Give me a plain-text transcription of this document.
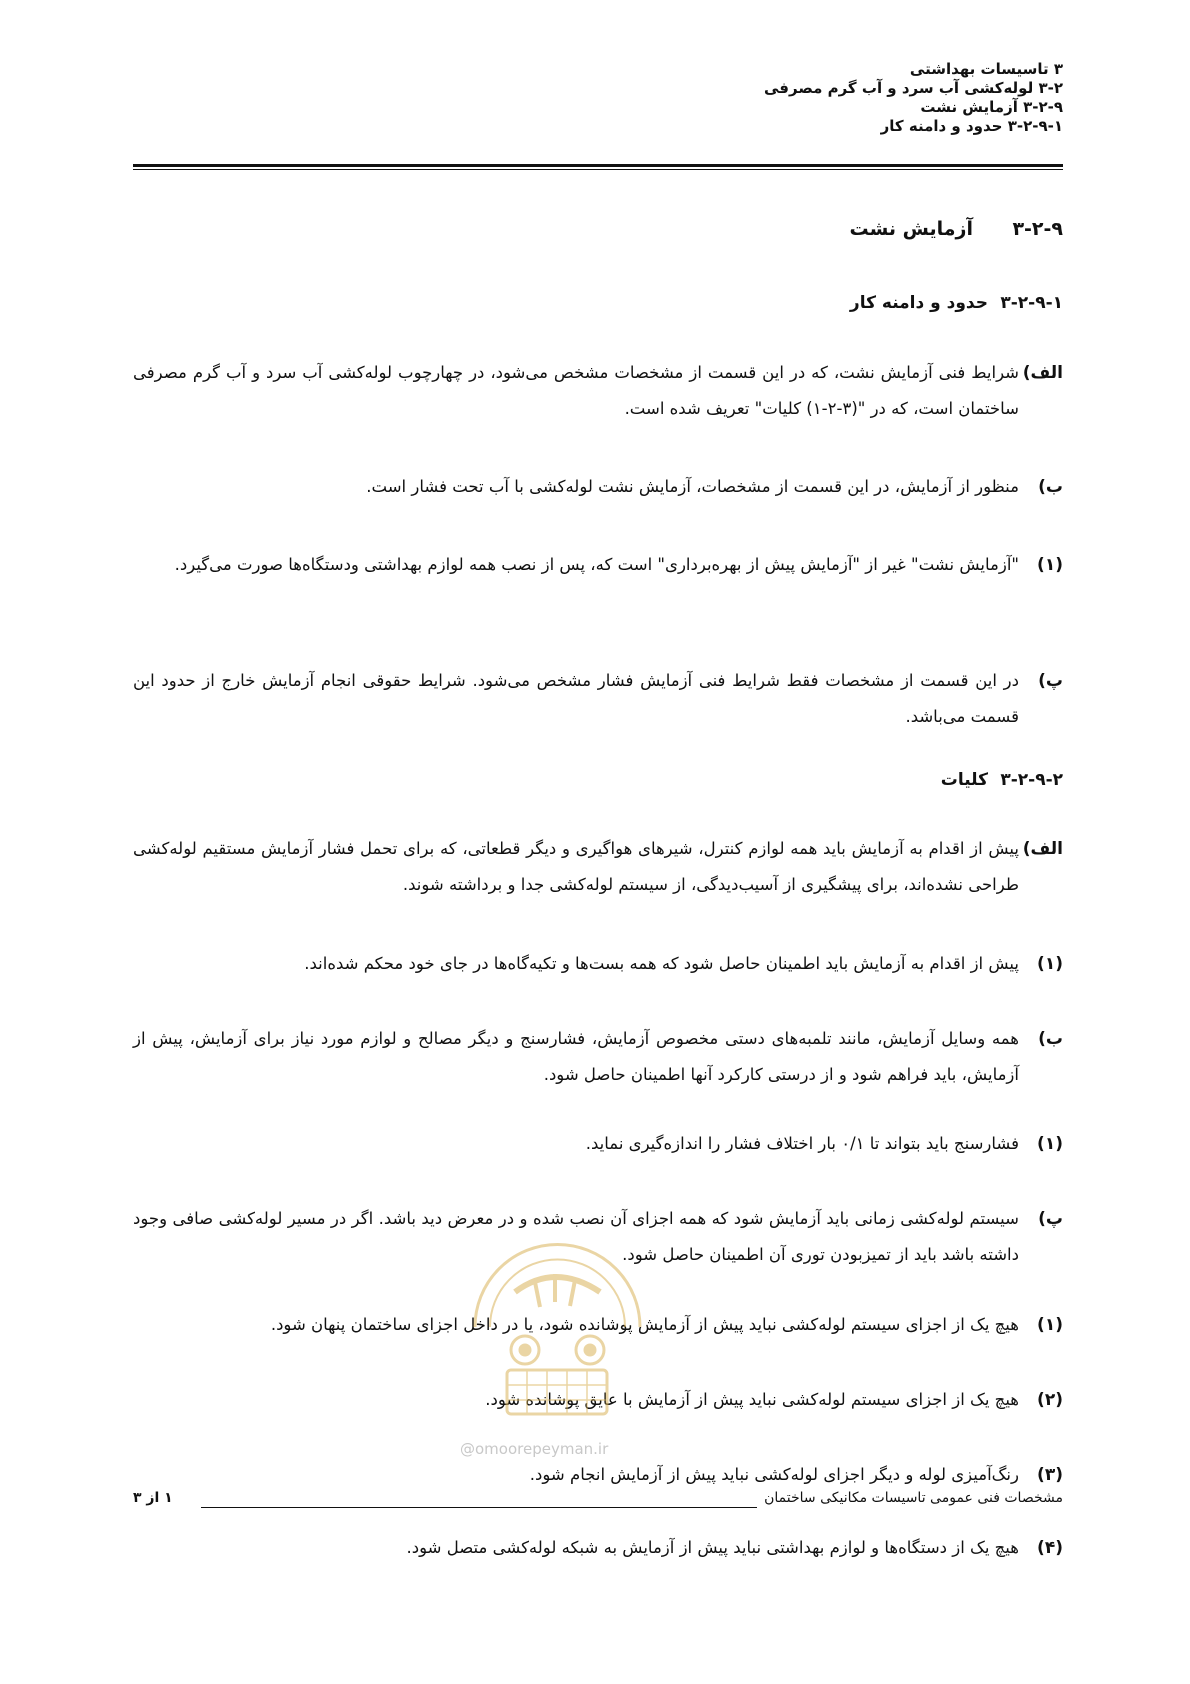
۳ تاسیسات بهداشتی

۳-۲ لوله‌کشی آب سرد و آب گرم مصرفی

۳-۲-۹ آزمایش نشت

۳-۲-۹-۱ حدود و دامنه کار

۳-۲-۹
آزمایش نشت
۳-۲-۹-۱
حدود و دامنه کار
الف)
شرایط فنی آزمایش نشت، که در این قسمت از مشخصات مشخص می‌شود، در چهارچوب لوله‌کشی آب سرد و آب گرم مصرفی ساختمان است، که در "(۳-۲-۱) کلیات" تعریف شده است.
ب)
منظور از آزمایش، در این قسمت از مشخصات، آزمایش نشت لوله‌کشی با آب تحت فشار است.
(۱)
"آزمایش نشت" غیر از "آزمایش پیش از بهره‌برداری" است که، پس از نصب همه لوازم بهداشتی ودستگاه‌ها صورت می‌گیرد.
پ)
در این قسمت از مشخصات فقط شرایط فنی آزمایش فشار مشخص می‌شود. شرایط حقوقی انجام آزمایش خارج از حدود این قسمت می‌باشد.
۳-۲-۹-۲
کلیات
الف)
پیش از اقدام به آزمایش باید همه لوازم کنترل، شیرهای هواگیری و دیگر قطعاتی، که برای تحمل فشار آزمایش مستقیم لوله‌کشی طراحی نشده‌اند، برای پیشگیری از آسیب‌دیدگی، از سیستم لوله‌کشی جدا و برداشته شوند.
(۱)
پیش از اقدام به آزمایش باید اطمینان حاصل شود که همه بست‌ها و تکیه‌گاه‌ها در جای خود محکم شده‌اند.
ب)
همه وسایل آزمایش، مانند تلمبه‌های دستی مخصوص آزمایش، فشارسنج و دیگر مصالح و لوازم مورد نیاز برای آزمایش، پیش از آزمایش، باید فراهم شود و از درستی کارکرد آنها اطمینان حاصل شود.
(۱)
فشارسنج باید بتواند تا ۰/۱ بار اختلاف فشار را اندازه‌گیری نماید.
پ)
سیستم لوله‌کشی زمانی باید آزمایش شود که همه اجزای آن نصب شده و در معرض دید باشد. اگر در مسیر لوله‌کشی صافی وجود داشته باشد باید از تمیزبودن توری آن اطمینان حاصل شود.
(۱)
هیچ یک از اجزای سیستم لوله‌کشی نباید پیش از آزمایش پوشانده شود، یا در داخل اجزای ساختمان پنهان شود.
(۲)
هیچ یک از اجزای سیستم لوله‌کشی نباید پیش از آزمایش با عایق پوشانده شود.
(۳)
رنگ‌آمیزی لوله و دیگر اجزای لوله‌کشی نباید پیش از آزمایش انجام شود.
(۴)
هیچ یک از دستگاه‌ها و لوازم بهداشتی نباید پیش از آزمایش به شبکه لوله‌کشی متصل شود.
@omoorepeyman.ir
مشخصات فنی عمومی تاسیسات مکانیکی ساختمان
۱ از ۳
